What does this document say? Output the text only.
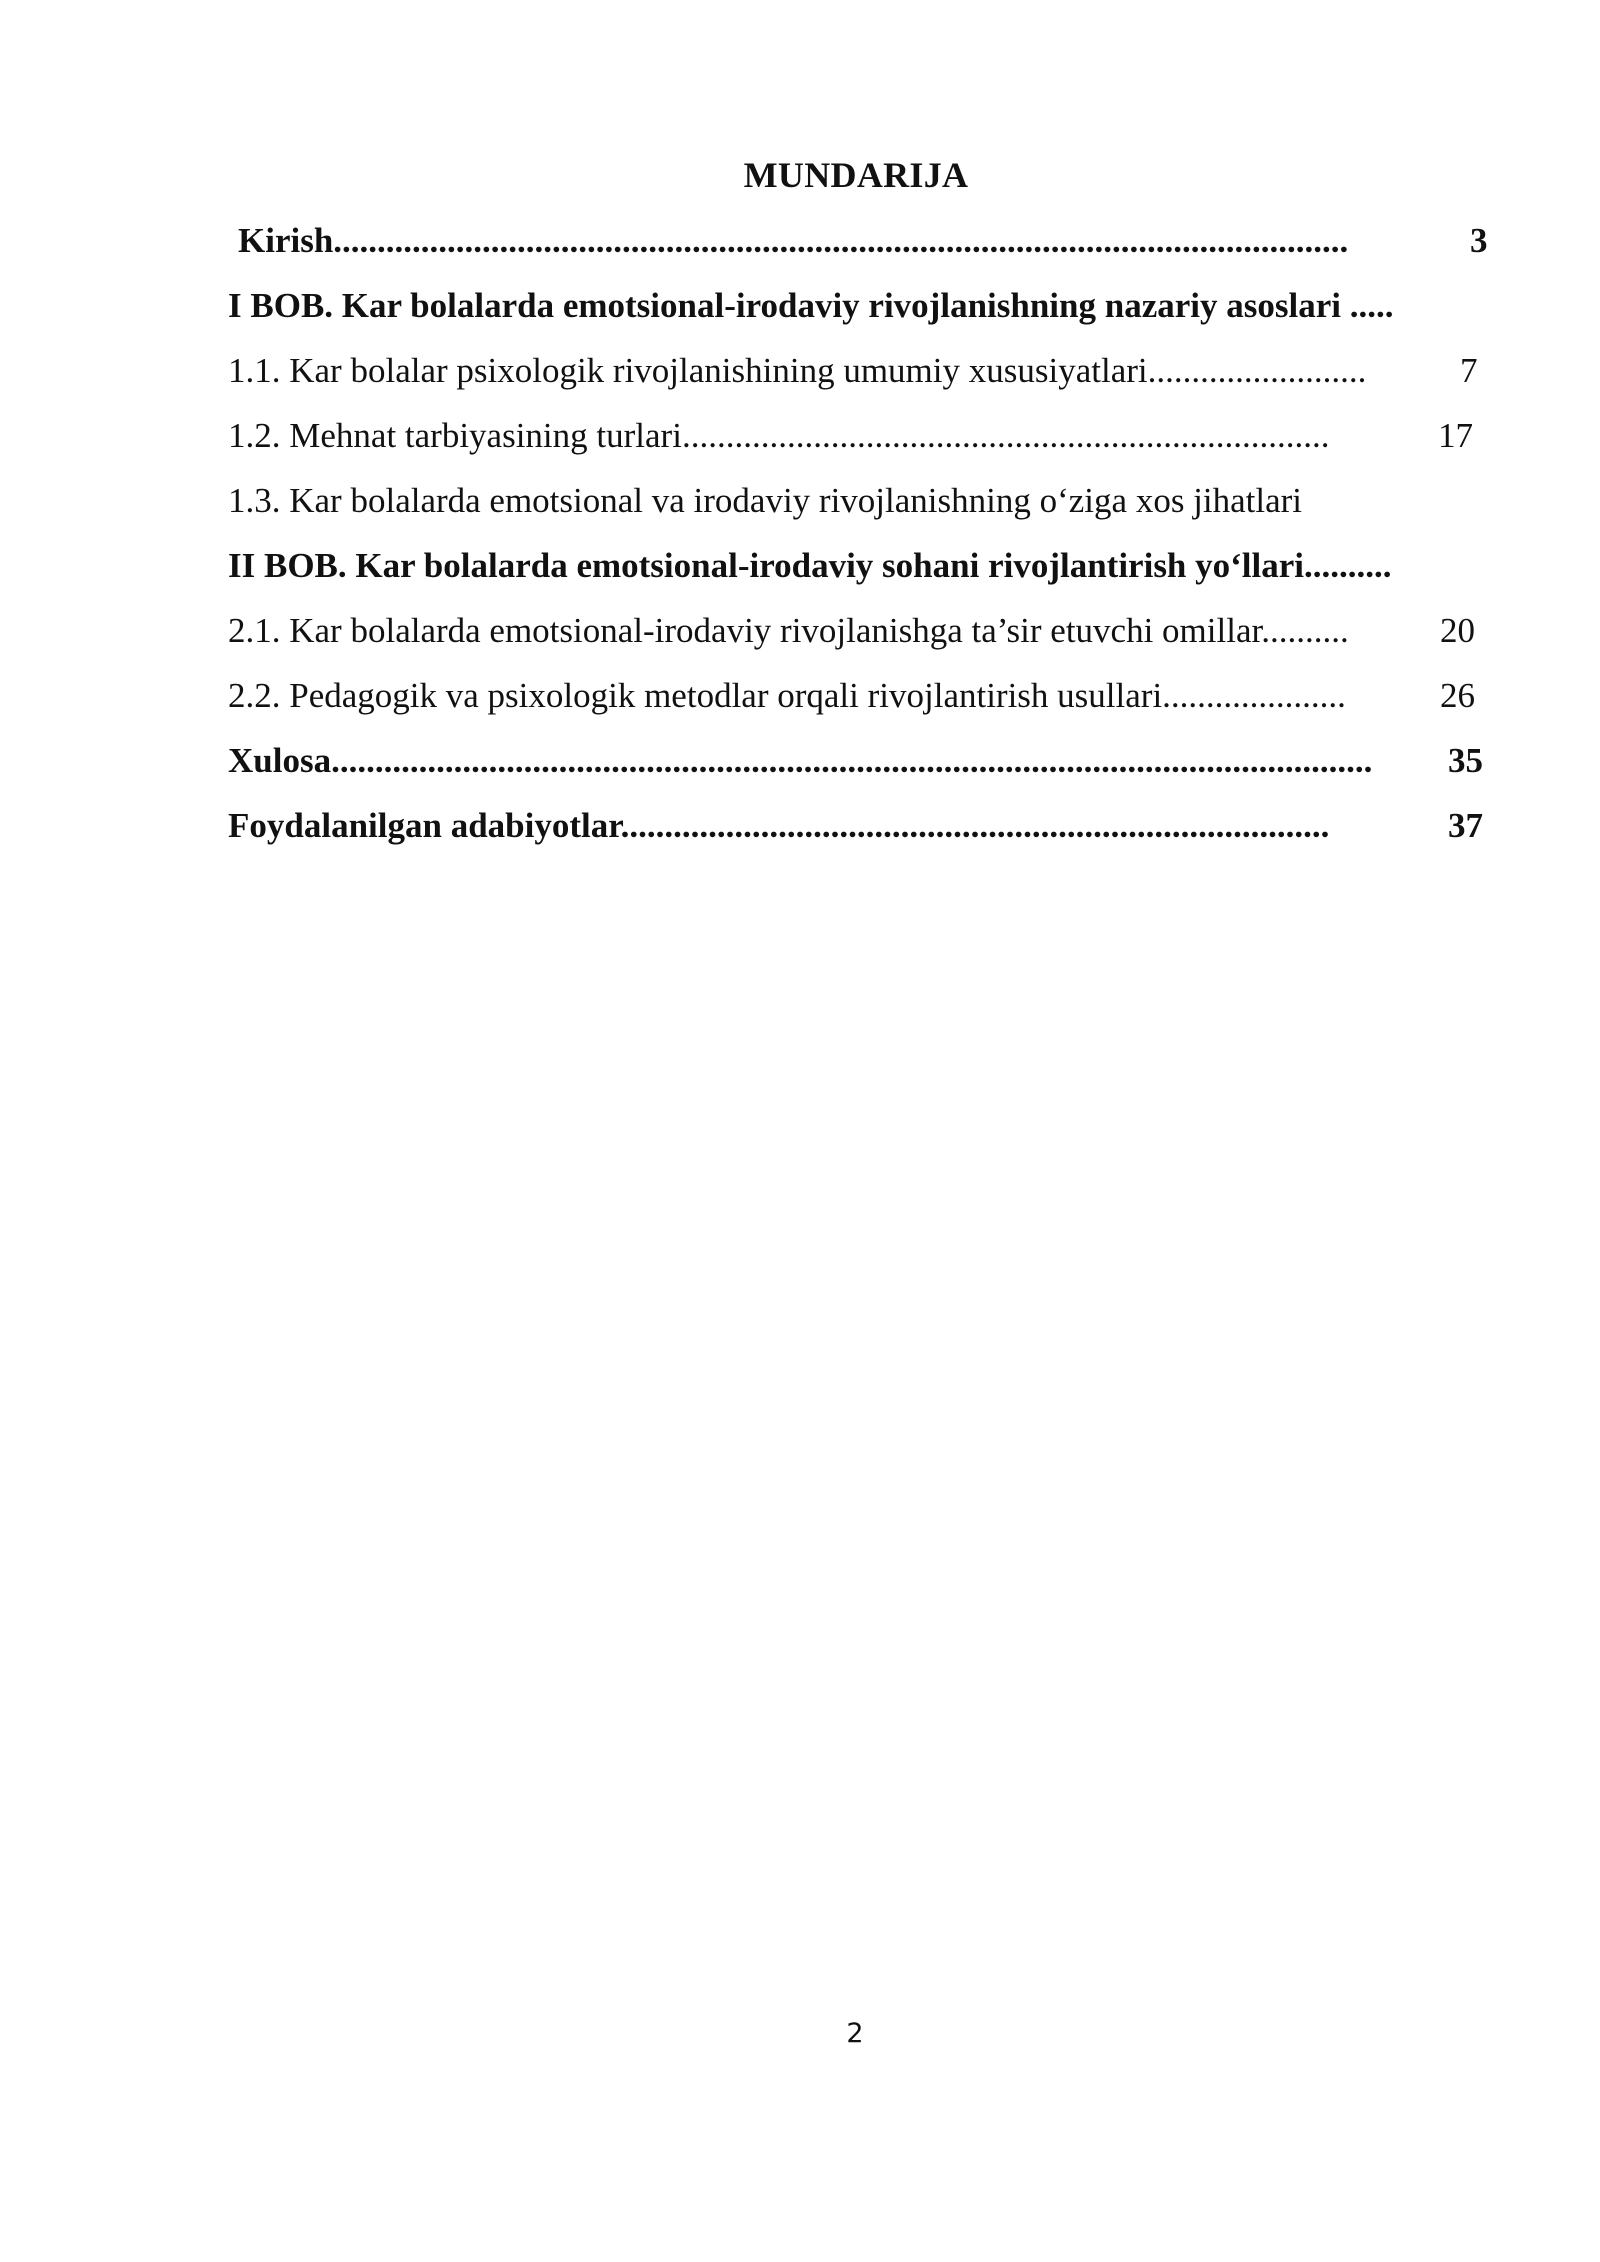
MUNDARIJA
Kirish....................................................................................................................	3
I BOB. Kar bolalarda emotsional-irodaviy rivojlanishning nazariy asoslari .....
1.1. Kar bolalar psixologik rivojlanishining umumiy xususiyatlari.........................	7
1.2. Mehnat tarbiyasining turlari..........................................................................	17
1.3. Kar bolalarda emotsional va irodaviy rivojlanishning o‘ziga xos jihatlari
II BOB. Kar bolalarda emotsional-irodaviy sohani rivojlantirish yo‘llari..........
2.1. Kar bolalarda emotsional-irodaviy rivojlanishga ta’sir etuvchi omillar..........	20
2.2. Pedagogik va psixologik metodlar orqali rivojlantirish usullari.....................	26
Xulosa.......................................................................................................................	35
Foydalanilgan adabiyotlar.................................................................................	37
2
